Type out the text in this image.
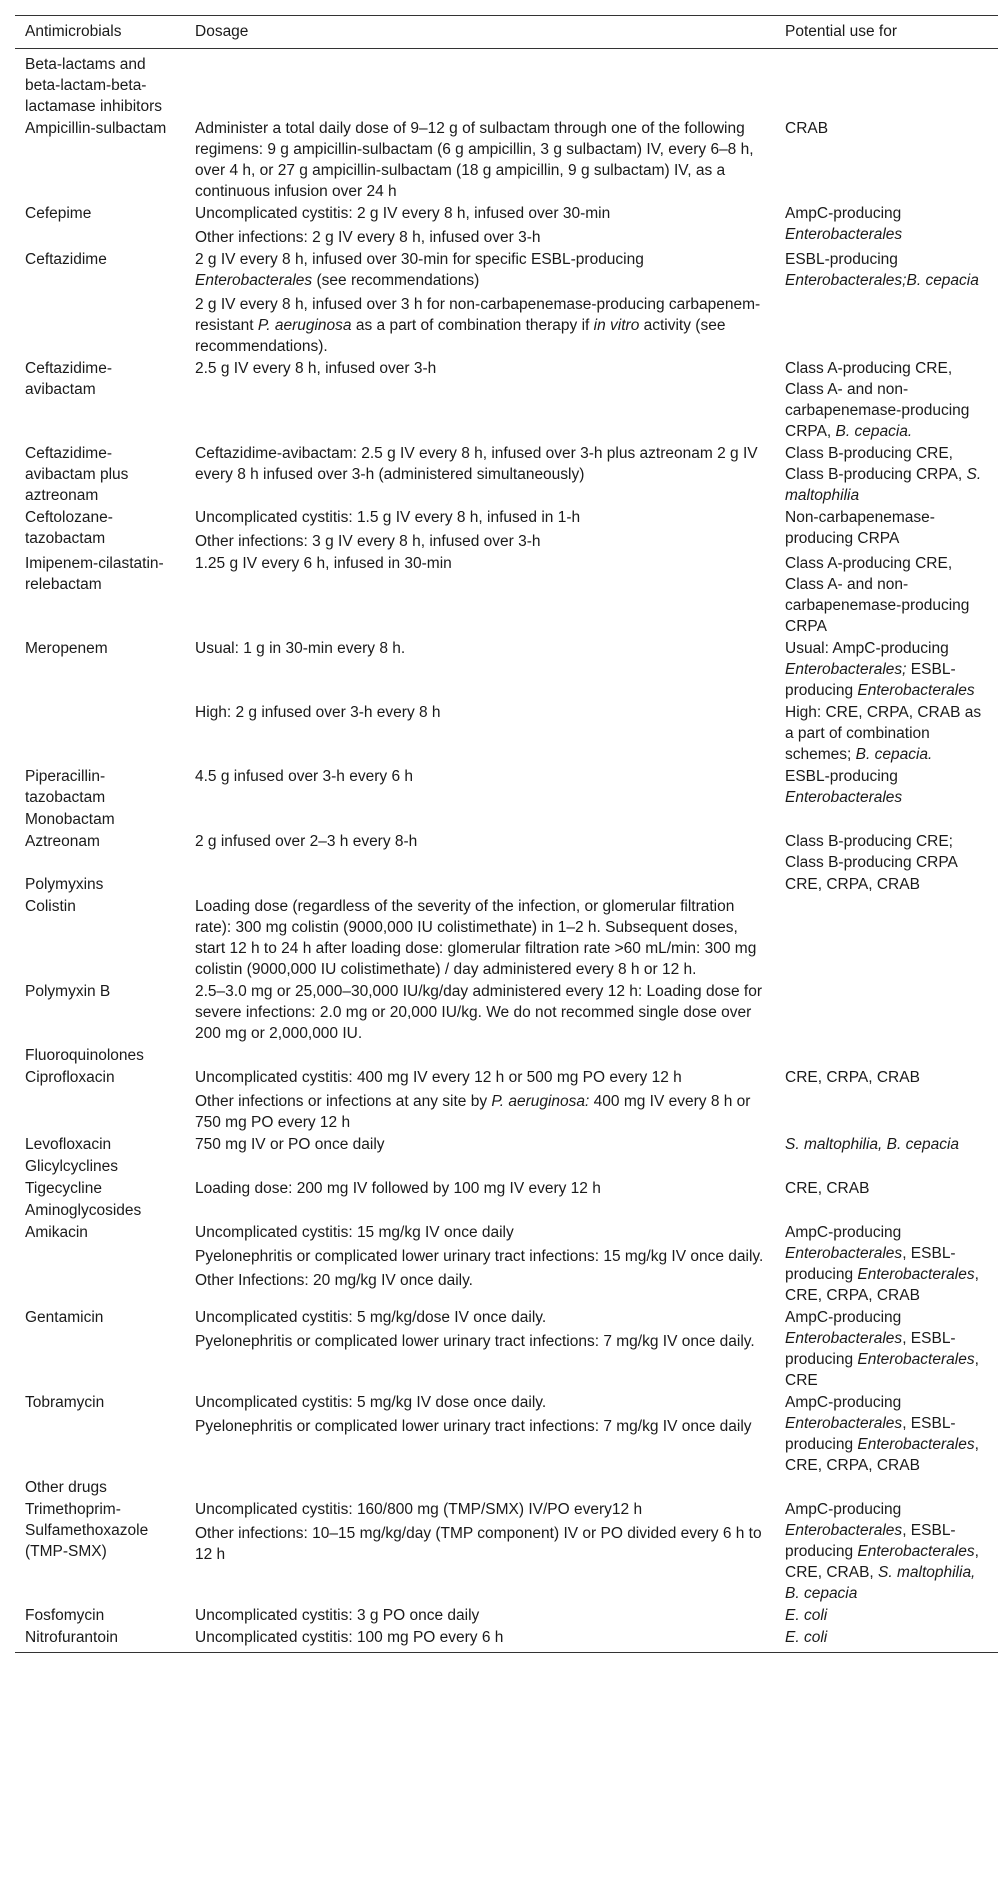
Antimicrobials	Dosage	Potential use for
Beta-lactams and beta-lactam-beta-lactamase inhibitors		
Ampicillin-sulbactam	Administer a total daily dose of 9–12 g of sulbactam through one of the following regimens: 9 g ampicillin-sulbactam (6 g ampicillin, 3 g sulbactam) IV, every 6–8 h, over 4 h, or 27 g ampicillin-sulbactam (18 g ampicillin, 9 g sulbactam) IV, as a continuous infusion over 24 h	CRAB

Cefepime	Uncomplicated cystitis: 2 g IV every 8 h, infused over 30-min

Other infections: 2 g IV every 8 h, infused over 3-h	AmpC-producing Enterobacterales

Ceftazidime	2 g IV every 8 h, infused over 30-min for specific ESBL-producing Enterobacterales (see recommendations)

2 g IV every 8 h, infused over 3 h for non-carbapenemase-producing carbapenem-resistant P. aeruginosa as a part of combination therapy if in vitro activity (see recommendations).	ESBL-producing Enterobacterales;B. cepacia

Ceftazidime-avibactam	2.5 g IV every 8 h, infused over 3-h	Class A-producing CRE, Class A- and non-carbapenemase-producing CRPA, B. cepacia.

Ceftazidime-avibactam plus aztreonam	Ceftazidime-avibactam: 2.5 g IV every 8 h, infused over 3-h plus aztreonam 2 g IV every 8 h infused over 3-h (administered simultaneously)	Class B-producing CRE, Class B-producing CRPA, S. maltophilia

Ceftolozane-tazobactam	Uncomplicated cystitis: 1.5 g IV every 8 h, infused in 1-h

Other infections: 3 g IV every 8 h, infused over 3-h	Non-carbapenemase-producing CRPA

Imipenem-cilastatin-relebactam	1.25 g IV every 6 h, infused in 30-min	Class A-producing CRE, Class A- and non-carbapenemase-producing CRPA

Meropenem	Usual: 1 g in 30-min every 8 h.	Usual: AmpC-producing Enterobacterales; ESBL-producing Enterobacterales

	High: 2 g infused over 3-h every 8 h	High: CRE, CRPA, CRAB as a part of combination schemes; B. cepacia.

Piperacillin-tazobactam	4.5 g infused over 3-h every 6 h	ESBL-producing Enterobacterales

Monobactam		
Aztreonam	2 g infused over 2–3 h every 8-h	Class B-producing CRE; Class B-producing CRPA

Polymyxins		CRE, CRPA, CRAB

Colistin	Loading dose (regardless of the severity of the infection, or glomerular filtration rate): 300 mg colistin (9000,000 IU colistimethate) in 1–2 h. Subsequent doses, start 12 h to 24 h after loading dose: glomerular filtration rate >60 mL/min: 300 mg colistin (9000,000 IU colistimethate) / day administered every 8 h or 12 h.	

Polymyxin B	2.5–3.0 mg or 25,000–30,000 IU/kg/day administered every 12 h: Loading dose for severe infections: 2.0 mg or 20,000 IU/kg. We do not recommed single dose over 200 mg or 2,000,000 IU.	

Fluoroquinolones		
Ciprofloxacin	Uncomplicated cystitis: 400 mg IV every 12 h or 500 mg PO every 12 h

Other infections or infections at any site by P. aeruginosa: 400 mg IV every 8 h or 750 mg PO every 12 h	CRE, CRPA, CRAB

Levofloxacin	750 mg IV or PO once daily	S. maltophilia, B. cepacia

Glicylcyclines		
Tigecycline	Loading dose: 200 mg IV followed by 100 mg IV every 12 h	CRE, CRAB

Aminoglycosides		
Amikacin	Uncomplicated cystitis: 15 mg/kg IV once daily

Pyelonephritis or complicated lower urinary tract infections: 15 mg/kg IV once daily.

Other Infections: 20 mg/kg IV once daily.	AmpC-producing Enterobacterales, ESBL-producing Enterobacterales, CRE, CRPA, CRAB

Gentamicin	Uncomplicated cystitis: 5 mg/kg/dose IV once daily.

Pyelonephritis or complicated lower urinary tract infections: 7 mg/kg IV once daily.	AmpC-producing Enterobacterales, ESBL-producing Enterobacterales, CRE

Tobramycin	Uncomplicated cystitis: 5 mg/kg IV dose once daily.

Pyelonephritis or complicated lower urinary tract infections: 7 mg/kg IV once daily	AmpC-producing Enterobacterales, ESBL-producing Enterobacterales, CRE, CRPA, CRAB

Other drugs		
Trimethoprim-Sulfamethoxazole (TMP-SMX)	Uncomplicated cystitis: 160/800 mg (TMP/SMX) IV/PO every12 h

Other infections: 10–15 mg/kg/day (TMP component) IV or PO divided every 6 h to 12 h	AmpC-producing Enterobacterales, ESBL-producing Enterobacterales, CRE, CRAB, S. maltophilia, B. cepacia

Fosfomycin	Uncomplicated cystitis: 3 g PO once daily	E. coli

Nitrofurantoin	Uncomplicated cystitis: 100 mg PO every 6 h	E. coli
